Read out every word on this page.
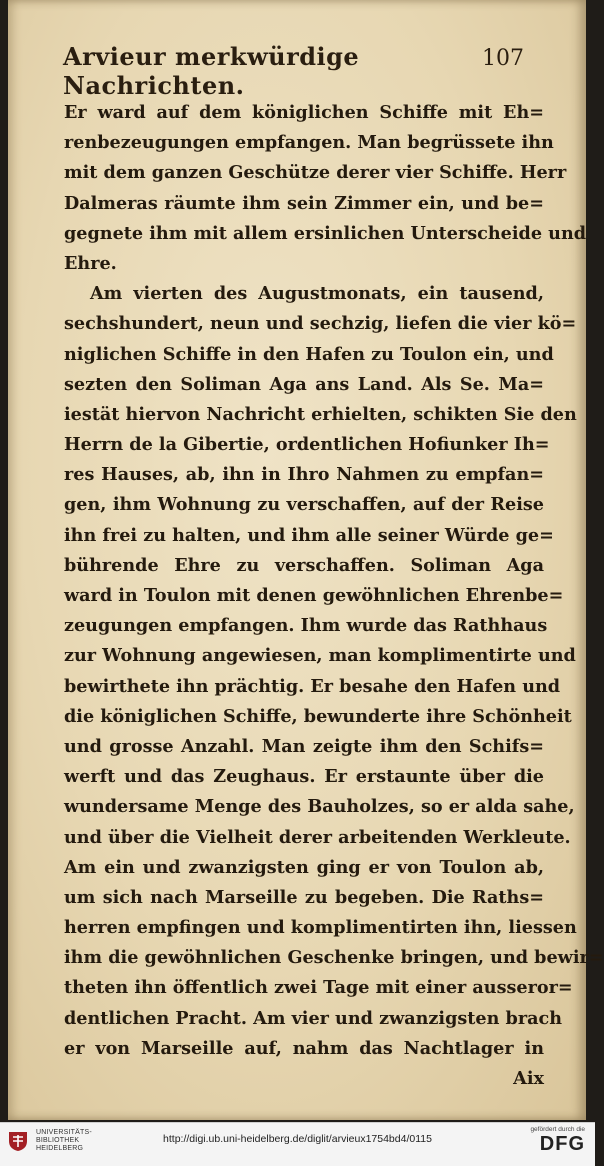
Arvieur merkwürdige Nachrichten.
107
Er ward auf dem königlichen Schiffe mit Eh=
renbezeugungen empfangen. Man begrüssete ihn
mit dem ganzen Geschütze derer vier Schiffe. Herr
Dalmeras räumte ihm sein Zimmer ein, und be=
gegnete ihm mit allem ersinlichen Unterscheide und
Ehre.
Am vierten des Augustmonats, ein tausend,
sechshundert, neun und sechzig, liefen die vier kö=
niglichen Schiffe in den Hafen zu Toulon ein, und
sezten den Soliman Aga ans Land. Als Se. Ma=
iestät hiervon Nachricht erhielten, schikten Sie den
Herrn de la Gibertie, ordentlichen Hofiunker Ih=
res Hauses, ab, ihn in Ihro Nahmen zu empfan=
gen, ihm Wohnung zu verschaffen, auf der Reise
ihn frei zu halten, und ihm alle seiner Würde ge=
bührende Ehre zu verschaffen. Soliman Aga
ward in Toulon mit denen gewöhnlichen Ehrenbe=
zeugungen empfangen. Ihm wurde das Rathhaus
zur Wohnung angewiesen, man komplimentirte und
bewirthete ihn prächtig. Er besahe den Hafen und
die königlichen Schiffe, bewunderte ihre Schönheit
und grosse Anzahl. Man zeigte ihm den Schifs=
werft und das Zeughaus. Er erstaunte über die
wundersame Menge des Bauholzes, so er alda sahe,
und über die Vielheit derer arbeitenden Werkleute.
Am ein und zwanzigsten ging er von Toulon ab,
um sich nach Marseille zu begeben. Die Raths=
herren empfingen und komplimentirten ihn, liessen
ihm die gewöhnlichen Geschenke bringen, und bewir=
theten ihn öffentlich zwei Tage mit einer ausseror=
dentlichen Pracht. Am vier und zwanzigsten brach
er von Marseille auf, nahm das Nachtlager in
Aix
UNIVERSITÄTS-
BIBLIOTHEK
HEIDELBERG
http://digi.ub.uni-heidelberg.de/diglit/arvieux1754bd4/0115
gefördert durch die
DFG
